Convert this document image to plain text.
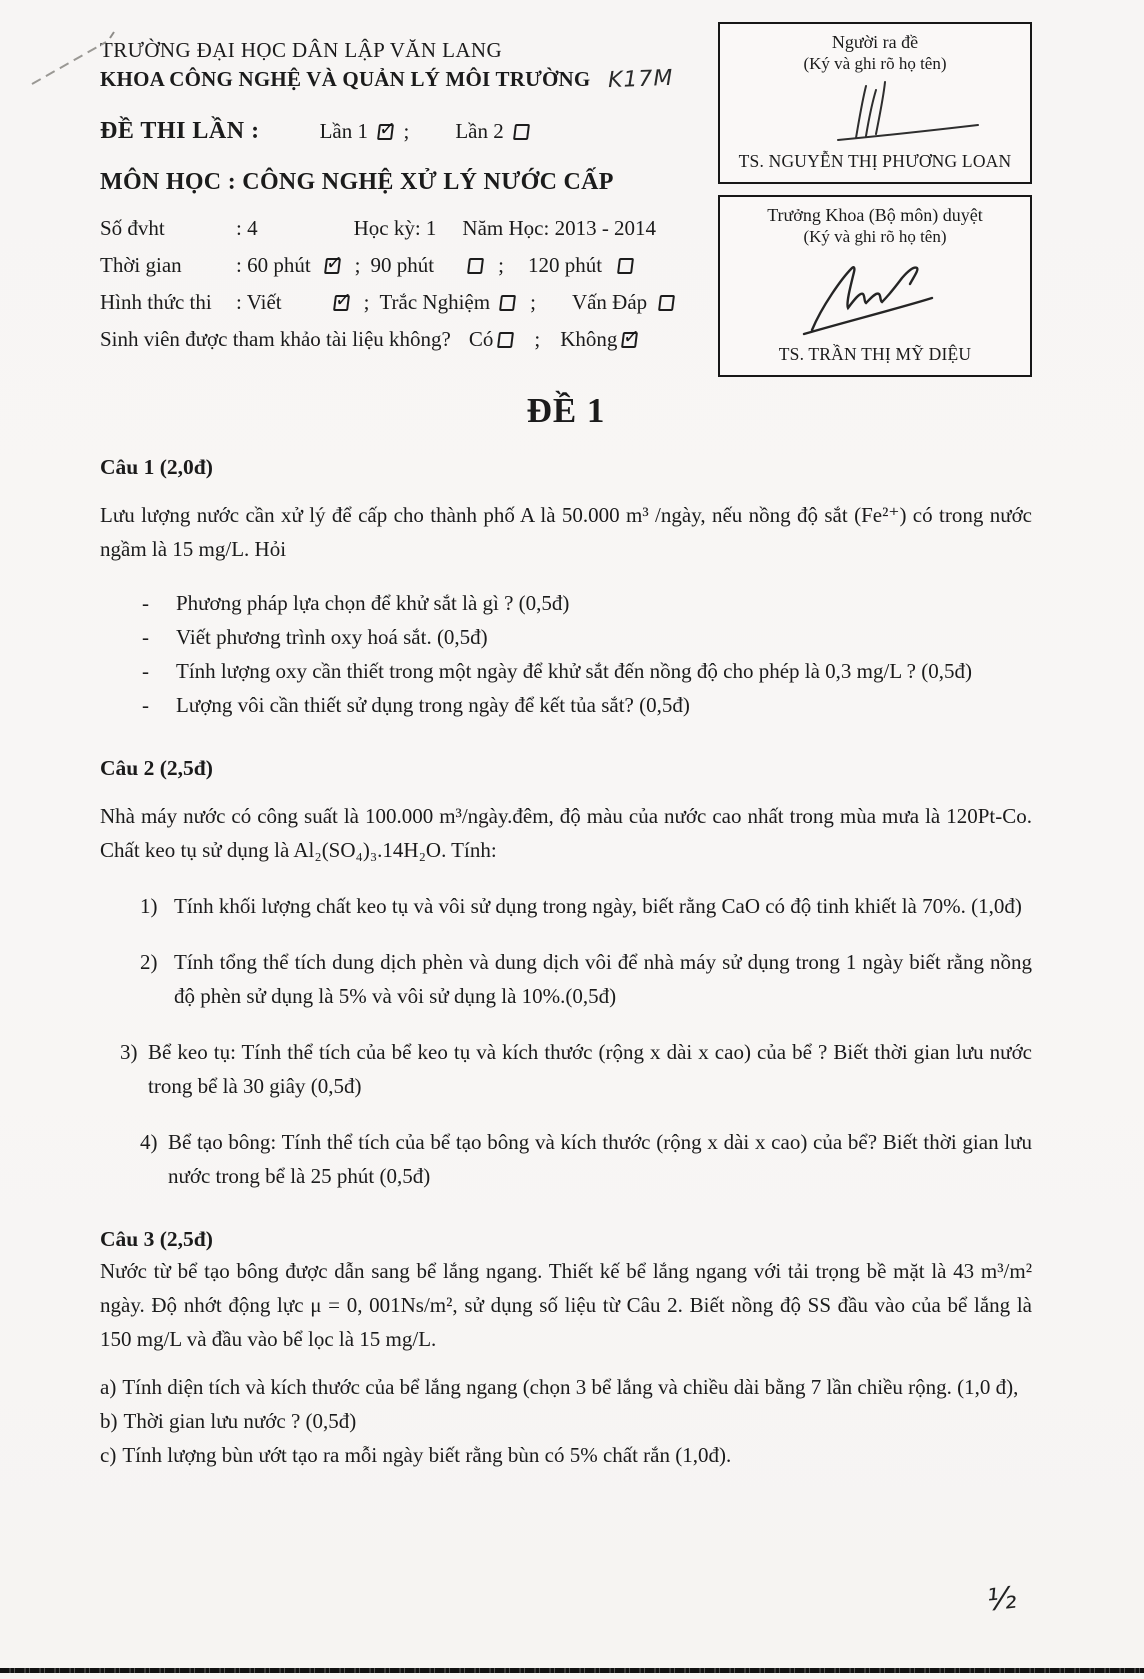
TRƯỜNG ĐẠI HỌC DÂN LẬP VĂN LANG
KHOA CÔNG NGHỆ VÀ QUẢN LÝ MÔI TRƯỜNG K17M
ĐỀ THI LẦN :	Lần 1 ✓ ; Lần 2
MÔN HỌC : CÔNG NGHỆ XỬ LÝ NƯỚC CẤP
Số đvht	: 4	Học kỳ: 1 Năm Học: 2013 - 2014
Thời gian	: 60 phút ✓ ; 90 phút	; 120 phút
Hình thức thi	: Viết ✓	; Trắc Nghiệm ; Vấn Đáp
Sinh viên được tham khảo tài liệu không? Có ; Không
✓
Người ra đề
(Ký và ghi rõ họ tên)
TS. NGUYỄN THỊ PHƯƠNG LOAN
Trưởng Khoa (Bộ môn) duyệt
(Ký và ghi rõ họ tên)
TS. TRẦN THỊ MỸ DIỆU
ĐỀ 1
Câu 1 (2,0đ)
Lưu lượng nước cần xử lý để cấp cho thành phố A là 50.000 m³ /ngày, nếu nồng độ sắt (Fe²⁺) có trong nước ngầm là 15 mg/L. Hỏi
-	Phương pháp lựa chọn để khử sắt là gì ? (0,5đ)
-	Viết phương trình oxy hoá sắt. (0,5đ)
-	Tính lượng oxy cần thiết trong một ngày để khử sắt đến nồng độ cho phép là 0,3 mg/L ? (0,5đ)
-	Lượng vôi cần thiết sử dụng trong ngày để kết tủa sắt? (0,5đ)
Câu 2 (2,5đ)
Nhà máy nước có công suất là 100.000 m³/ngày.đêm, độ màu của nước cao nhất trong mùa mưa là 120Pt-Co. Chất keo tụ sử dụng là Al₂(SO₄)₃.14H₂O. Tính:
1) Tính khối lượng chất keo tụ và vôi sử dụng trong ngày, biết rằng CaO có độ tinh khiết là 70%. (1,0đ)
2) Tính tổng thể tích dung dịch phèn và dung dịch vôi để nhà máy sử dụng trong 1 ngày biết rằng nồng độ phèn sử dụng là 5% và vôi sử dụng là 10%.(0,5đ)
3) Bể keo tụ: Tính thể tích của bể keo tụ và kích thước (rộng x dài x cao) của bể ? Biết thời gian lưu nước trong bể là 30 giây (0,5đ)
4) Bể tạo bông: Tính thể tích của bể tạo bông và kích thước (rộng x dài x cao) của bể? Biết thời gian lưu nước trong bể là 25 phút (0,5đ)
Câu 3 (2,5đ)
Nước từ bể tạo bông được dẫn sang bể lắng ngang. Thiết kế bể lắng ngang với tải trọng bề mặt là 43 m³/m² ngày. Độ nhớt động lực μ = 0, 001Ns/m², sử dụng số liệu từ Câu 2. Biết nồng độ SS đầu vào của bể lắng là 150 mg/L và đầu vào bể lọc là 15 mg/L.
a) Tính diện tích và kích thước của bể lắng ngang (chọn 3 bể lắng và chiều dài bằng 7 lần chiều rộng. (1,0 đ),
b) Thời gian lưu nước ? (0,5đ)
c) Tính lượng bùn ướt tạo ra mỗi ngày biết rằng bùn có 5% chất rắn (1,0đ).
½
